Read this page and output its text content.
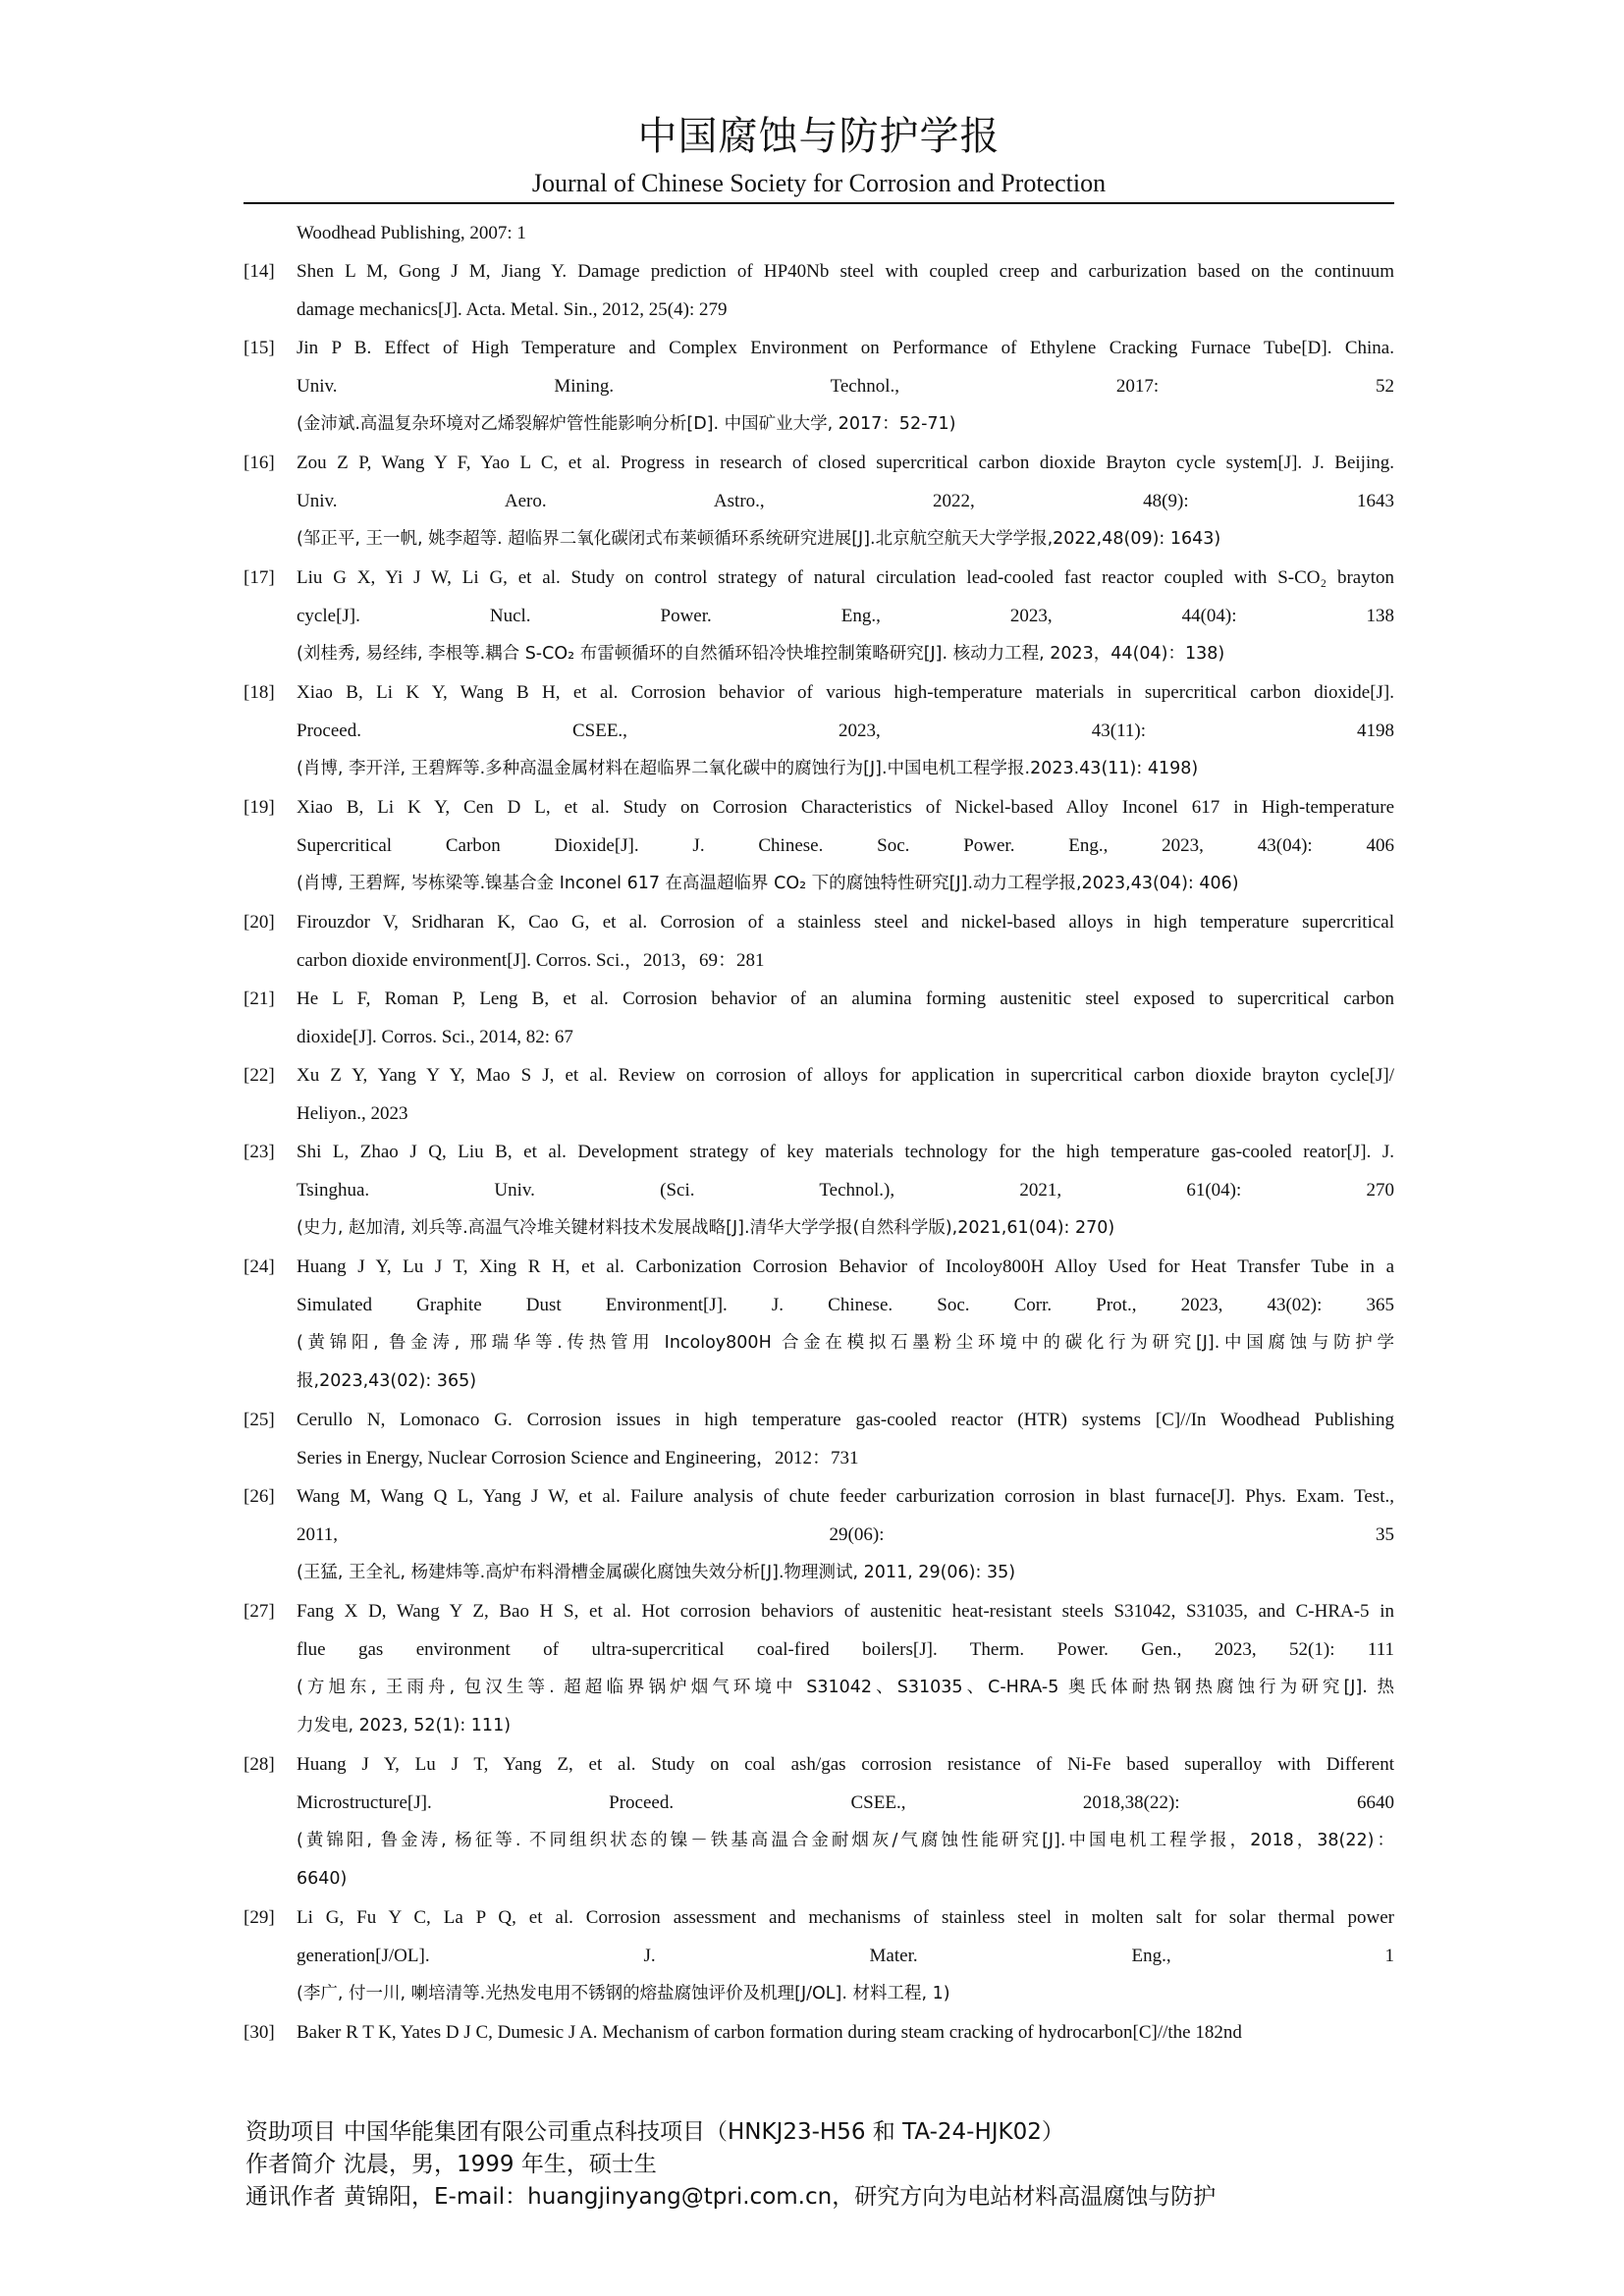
中国腐蚀与防护学报
Journal of Chinese Society for Corrosion and Protection
Woodhead Publishing, 2007: 1
[14]	Shen L M, Gong J M, Jiang Y. Damage prediction of HP40Nb steel with coupled creep and carburization based on the continuum
damage mechanics[J]. Acta. Metal. Sin., 2012, 25(4): 279
[15]	Jin P B. Effect of High Temperature and Complex Environment on Performance of Ethylene Cracking Furnace Tube[D]. China.
Univ. Mining. Technol., 2017: 52
(金沛斌.高温复杂环境对乙烯裂解炉管性能影响分析[D]. 中国矿业大学, 2017：52-71)
[16]	Zou Z P, Wang Y F, Yao L C, et al. Progress in research of closed supercritical carbon dioxide Brayton cycle system[J]. J. Beijing.
Univ. Aero. Astro., 2022, 48(9): 1643
(邹正平, 王一帆, 姚李超等. 超临界二氧化碳闭式布莱顿循环系统研究进展[J].北京航空航天大学学报,2022,48(09): 1643)
[17]	Liu G X, Yi J W, Li G, et al. Study on control strategy of natural circulation lead-cooled fast reactor coupled with S-CO₂ brayton
cycle[J]. Nucl. Power. Eng., 2023, 44(04): 138
(刘桂秀, 易经纬, 李根等.耦合 S-CO₂ 布雷顿循环的自然循环铅冷快堆控制策略研究[J]. 核动力工程, 2023，44(04)：138)
[18]	Xiao B, Li K Y, Wang B H, et al. Corrosion behavior of various high-temperature materials in supercritical carbon dioxide[J].
Proceed. CSEE., 2023, 43(11): 4198
(肖博, 李开洋, 王碧辉等.多种高温金属材料在超临界二氧化碳中的腐蚀行为[J].中国电机工程学报.2023.43(11): 4198)
[19]	Xiao B, Li K Y, Cen D L, et al. Study on Corrosion Characteristics of Nickel-based Alloy Inconel 617 in High-temperature
Supercritical Carbon Dioxide[J]. J. Chinese. Soc. Power. Eng., 2023, 43(04): 406
(肖博, 王碧辉, 岑栋梁等.镍基合金 Inconel 617 在高温超临界 CO₂ 下的腐蚀特性研究[J].动力工程学报,2023,43(04): 406)
[20]	Firouzdor V, Sridharan K, Cao G, et al. Corrosion of a stainless steel and nickel-based alloys in high temperature supercritical
carbon dioxide environment[J]. Corros. Sci.，2013，69：281
[21]	He L F, Roman P, Leng B, et al. Corrosion behavior of an alumina forming austenitic steel exposed to supercritical carbon
dioxide[J]. Corros. Sci., 2014, 82: 67
[22]	Xu Z Y, Yang Y Y, Mao S J, et al. Review on corrosion of alloys for application in supercritical carbon dioxide brayton cycle[J]/
Heliyon., 2023
[23]	Shi L, Zhao J Q, Liu B, et al. Development strategy of key materials technology for the high temperature gas-cooled reator[J]. J.
Tsinghua. Univ. (Sci. Technol.), 2021, 61(04): 270
(史力, 赵加清, 刘兵等.高温气冷堆关键材料技术发展战略[J].清华大学学报(自然科学版),2021,61(04): 270)
[24]	Huang J Y, Lu J T, Xing R H, et al. Carbonization Corrosion Behavior of Incoloy800H Alloy Used for Heat Transfer Tube in a
Simulated Graphite Dust Environment[J]. J. Chinese. Soc. Corr. Prot., 2023, 43(02): 365
(黄锦阳, 鲁金涛, 邢瑞华等.传热管用 Incoloy800H 合金在模拟石墨粉尘环境中的碳化行为研究[J].中国腐蚀与防护学
报,2023,43(02): 365)
[25]	Cerullo N, Lomonaco G. Corrosion issues in high temperature gas-cooled reactor (HTR) systems [C]//In Woodhead Publishing
Series in Energy, Nuclear Corrosion Science and Engineering，2012：731
[26]	Wang M, Wang Q L, Yang J W, et al. Failure analysis of chute feeder carburization corrosion in blast furnace[J]. Phys. Exam. Test.,
2011, 29(06): 35
(王猛, 王全礼, 杨建炜等.高炉布料滑槽金属碳化腐蚀失效分析[J].物理测试, 2011, 29(06): 35)
[27]	Fang X D, Wang Y Z, Bao H S, et al. Hot corrosion behaviors of austenitic heat-resistant steels S31042, S31035, and C-HRA-5 in
flue gas environment of ultra-supercritical coal-fired boilers[J]. Therm. Power. Gen., 2023, 52(1): 111
(方旭东, 王雨舟, 包汉生等. 超超临界锅炉烟气环境中 S31042、S31035、C-HRA-5 奥氏体耐热钢热腐蚀行为研究[J]. 热
力发电, 2023, 52(1): 111)
[28]	Huang J Y, Lu J T, Yang Z, et al. Study on coal ash/gas corrosion resistance of Ni-Fe based superalloy with Different
Microstructure[J]. Proceed. CSEE., 2018,38(22): 6640
(黄锦阳, 鲁金涛, 杨征等. 不同组织状态的镍－铁基高温合金耐烟灰/气腐蚀性能研究[J].中国电机工程学报，2018，38(22)：
6640)
[29]	Li G, Fu Y C, La P Q, et al. Corrosion assessment and mechanisms of stainless steel in molten salt for solar thermal power
generation[J/OL]. J. Mater. Eng., 1
(李广, 付一川, 喇培清等.光热发电用不锈钢的熔盐腐蚀评价及机理[J/OL]. 材料工程, 1)
[30]	Baker R T K, Yates D J C, Dumesic J A. Mechanism of carbon formation during steam cracking of hydrocarbon[C]//the 182nd
资助项目 中国华能集团有限公司重点科技项目（HNKJ23-H56 和 TA-24-HJK02）
作者简介 沈晨，男，1999 年生，硕士生
通讯作者 黄锦阳，E-mail：huangjinyang@tpri.com.cn，研究方向为电站材料高温腐蚀与防护
